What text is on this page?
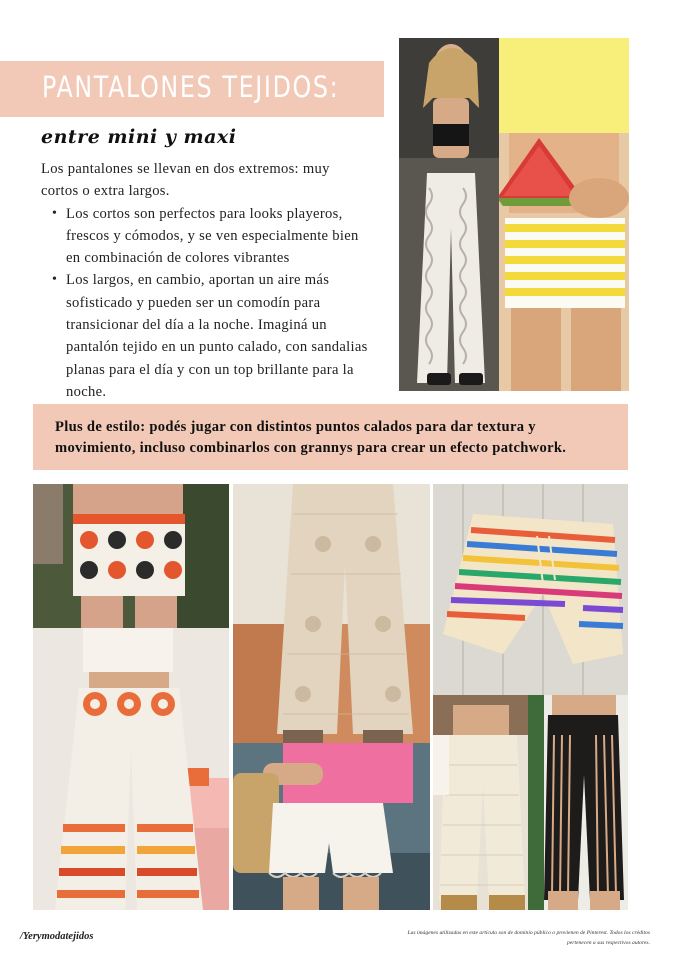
PANTALONES TEJIDOS:
entre mini y maxi
Los pantalones se llevan en dos extremos: muy
cortos o extra largos.
• Los cortos son perfectos para looks playeros,
frescos y cómodos, y se ven especialmente bien
en combinación de colores vibrantes
• Los largos, en cambio, aportan un aire más
sofisticado y pueden ser un comodín para
transicionar del día a la noche. Imaginá un
pantalón tejido en un punto calado, con sandalias
planas para el día y con un top brillante para la
noche.

Plus de estilo: podés jugar con distintos puntos calados para dar textura y
movimiento, incluso combinarlos con grannys para crear un efecto patchwork.

/Yerymodatejidos	Las imágenes utilizadas en este artículo son de dominio público o provienen de Pinterest. Todos los créditos
pertenecen a sus respectivos autores.
